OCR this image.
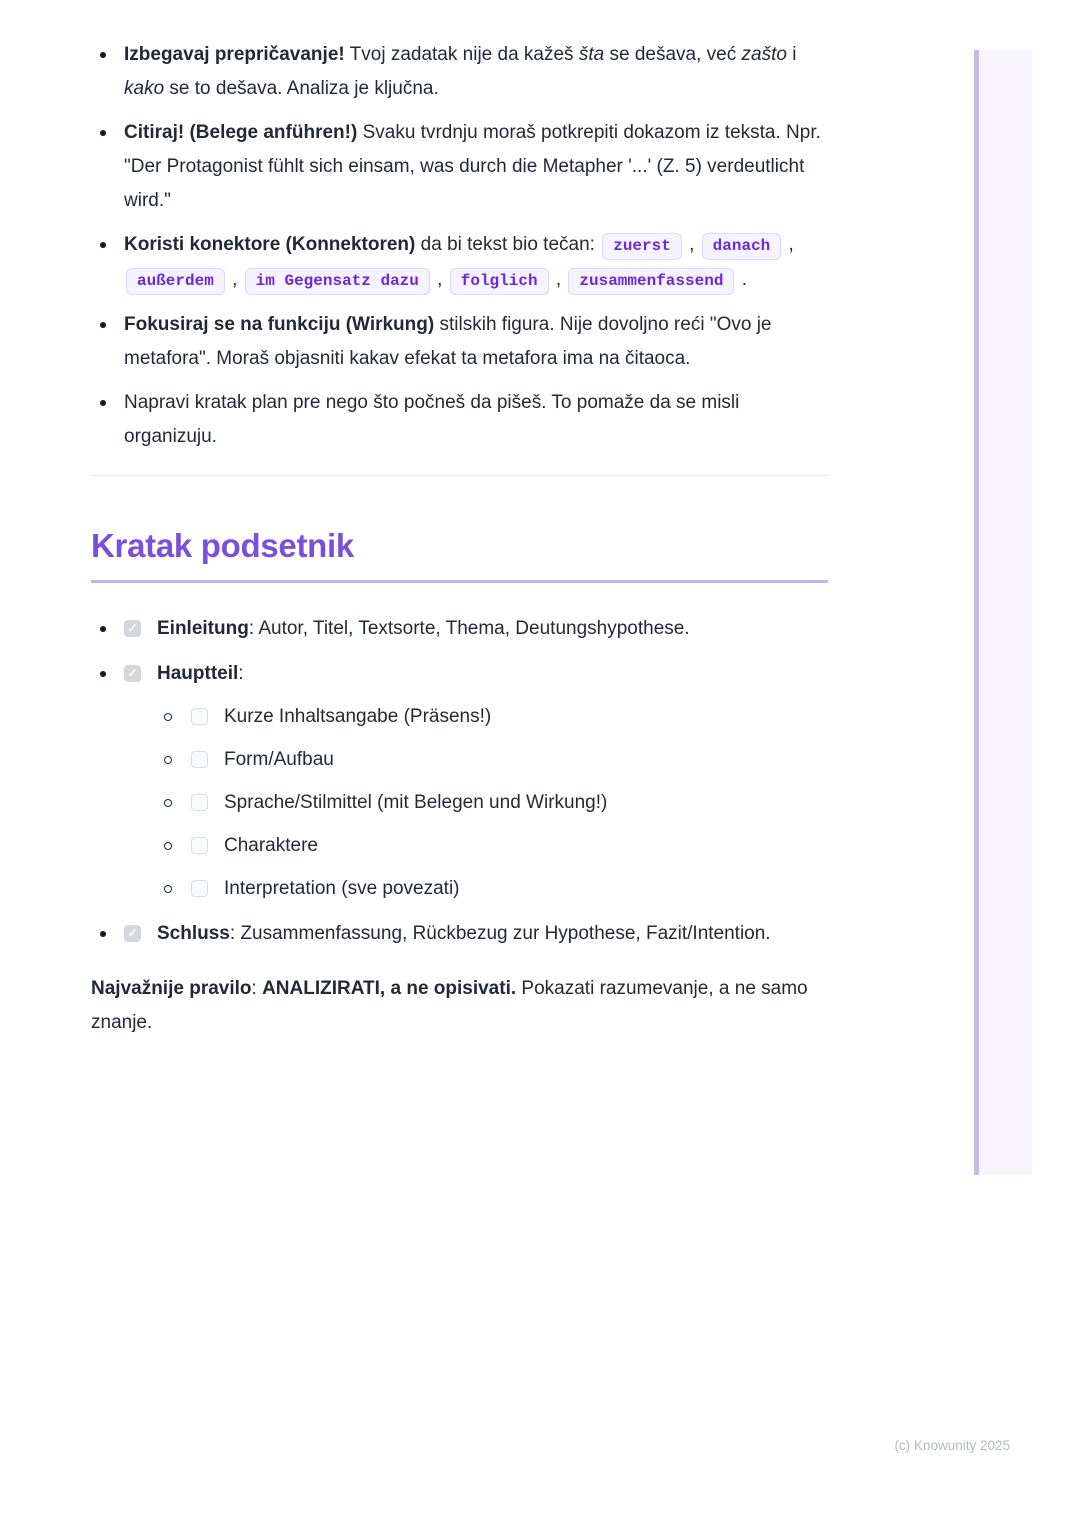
Izbegavaj prepričavanje! Tvoj zadatak nije da kažeš šta se dešava, već zašto i kako se to dešava. Analiza je ključna.
Citiraj! (Belege anführen!) Svaku tvrdnju moraš potkrepiti dokazom iz teksta. Npr. "Der Protagonist fühlt sich einsam, was durch die Metapher '...' (Z. 5) verdeutlicht wird."
Koristi konektore (Konnektoren) da bi tekst bio tečan: zuerst , danach , außerdem , im Gegensatz dazu , folglich , zusammenfassend .
Fokusiraj se na funkciju (Wirkung) stilskih figura. Nije dovoljno reći "Ovo je metafora". Moraš objasniti kakav efekat ta metafora ima na čitaoca.
Napravi kratak plan pre nego što počneš da pišeš. To pomaže da se misli organizuju.
Kratak podsetnik
✓Einleitung: Autor, Titel, Textsorte, Thema, Deutungshypothese.
✓Hauptteil:
Kurze Inhaltsangabe (Präsens!)
Form/Aufbau
Sprache/Stilmittel (mit Belegen und Wirkung!)
Charaktere
Interpretation (sve povezati)
✓Schluss: Zusammenfassung, Rückbezug zur Hypothese, Fazit/Intention.

Najvažnije pravilo: ANALIZIRATI, a ne opisivati. Pokazati razumevanje, a ne samo znanje.

(c) Knowunity 2025
